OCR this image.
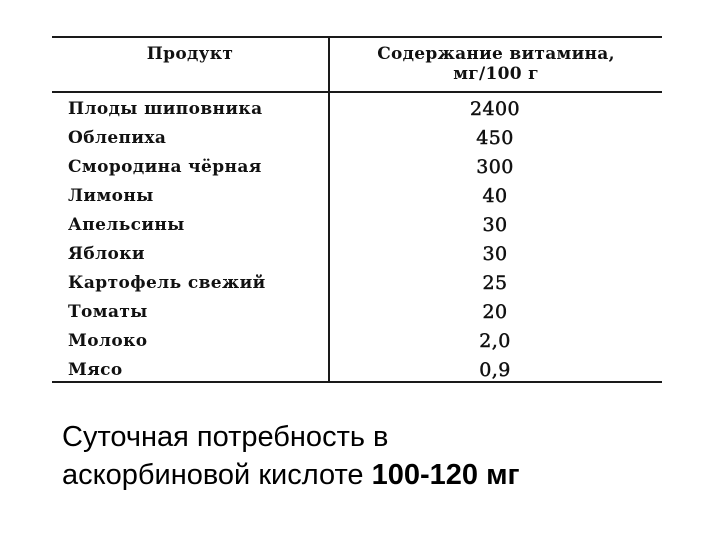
Продукт	Содержание витамина,
мг/100 г
Плоды шиповника	2400
Облепиха	450
Смородина чёрная	300
Лимоны	40
Апельсины	30
Яблоки	30
Картофель свежий	25
Томаты	20
Молоко	2,0
Мясо	0,9
Суточная потребность в
аскорбиновой кислоте 100-120 мг
